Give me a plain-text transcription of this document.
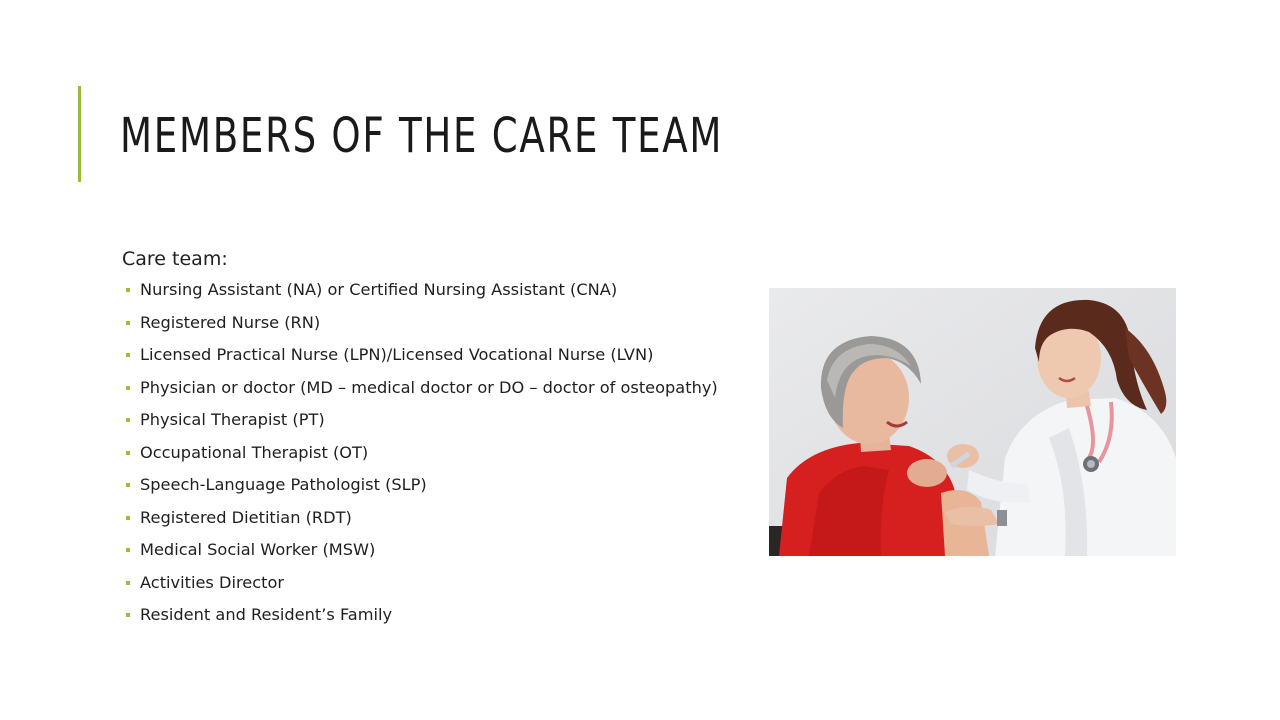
MEMBERS OF THE CARE TEAM

Care team:

Nursing Assistant (NA) or Certified Nursing Assistant (CNA)
Registered Nurse (RN)
Licensed Practical Nurse (LPN)/Licensed Vocational Nurse (LVN)
Physician or doctor (MD – medical doctor or DO – doctor of osteopathy)
Physical Therapist (PT)
Occupational Therapist (OT)
Speech-Language Pathologist (SLP)
Registered Dietitian (RDT)
Medical Social Worker (MSW)
Activities Director
Resident and Resident’s Family
